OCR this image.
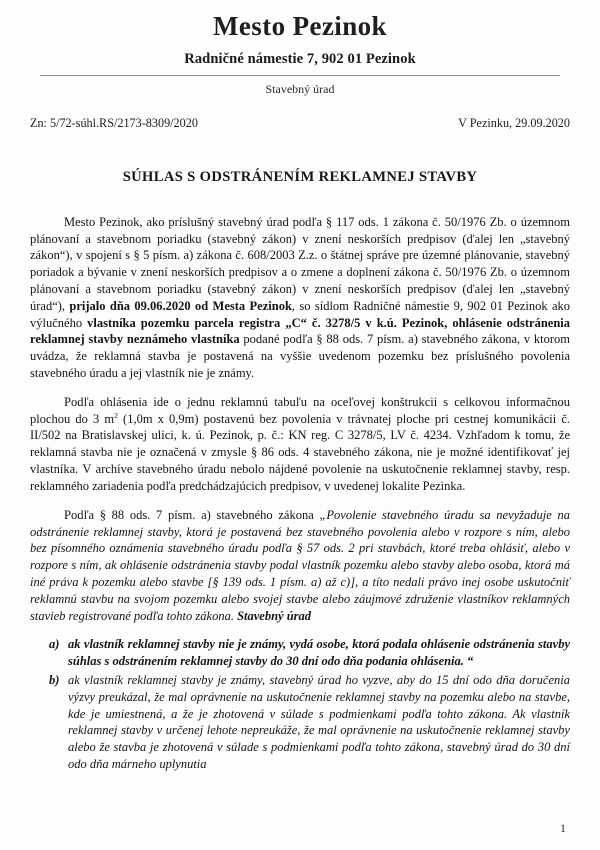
Mesto Pezinok
Radničné námestie 7, 902 01 Pezinok
Stavebný úrad
Zn: 5/72-súhl.RS/2173-8309/2020	V Pezinku, 29.09.2020
SÚHLAS S ODSTRÁNENÍM REKLAMNEJ STAVBY

Mesto Pezinok, ako príslušný stavebný úrad podľa § 117 ods. 1 zákona č. 50/1976 Zb. o územnom plánovaní a stavebnom poriadku (stavebný zákon) v znení neskorších predpisov (ďalej len „stavebný zákon“), v spojení s § 5 písm. a) zákona č. 608/2003 Z.z. o štátnej správe pre územné plánovanie, stavebný poriadok a bývanie v znení neskorších predpisov a o zmene a doplnení zákona č. 50/1976 Zb. o územnom plánovaní a stavebnom poriadku (stavebný zákon) v znení neskorších predpisov (ďalej len „stavebný úrad“), prijalo dňa 09.06.2020 od Mesta Pezinok, so sídlom Radničné námestie 9, 902 01 Pezinok ako výlučného vlastníka pozemku parcela registra „C“ č. 3278/5 v k.ú. Pezinok, ohlásenie odstránenia reklamnej stavby neznámeho vlastníka podané podľa § 88 ods. 7 písm. a) stavebného zákona, v ktorom uvádza, že reklamná stavba je postavená na vyššie uvedenom pozemku bez príslušného povolenia stavebného úradu a jej vlastník nie je známy.

Podľa ohlásenia ide o jednu reklamnú tabuľu na oceľovej konštrukcii s celkovou informačnou plochou do 3 $m^2$ (1,0m x 0,9m) postavenú bez povolenia v trávnatej ploche pri cestnej komunikácii č. II/502 na Bratislavskej ulici, k. ú. Pezinok, p. č.: KN reg. C 3278/5, LV č. 4234. Vzhľadom k tomu, že reklamná stavba nie je označená v zmysle § 86 ods. 4 stavebného zákona, nie je možné identifikovať jej vlastníka. V archíve stavebného úradu nebolo nájdené povolenie na uskutočnenie reklamnej stavby, resp. reklamného zariadenia podľa predchádzajúcich predpisov, v uvedenej lokalite Pezinka.

Podľa § 88 ods. 7 písm. a) stavebného zákona „Povolenie stavebného úradu sa nevyžaduje na odstránenie reklamnej stavby, ktorá je postavená bez stavebného povolenia alebo v rozpore s ním, alebo bez písomného oznámenia stavebného úradu podľa § 57 ods. 2 pri stavbách, ktoré treba ohlásiť, alebo v rozpore s ním, ak ohlásenie odstránenia stavby podal vlastník pozemku alebo stavby alebo osoba, ktorá má iné práva k pozemku alebo stavbe [§ 139 ods. 1 písm. a) až c)], a títo nedali právo inej osobe uskutočniť reklamnú stavbu na svojom pozemku alebo svojej stavbe alebo záujmové združenie vlastníkov reklamných stavieb registrované podľa tohto zákona. Stavebný úrad

a) ak vlastník reklamnej stavby nie je známy, vydá osobe, ktorá podala ohlásenie odstránenia stavby súhlas s odstránením reklamnej stavby do 30 dní odo dňa podania ohlásenia. “
b) ak vlastník reklamnej stavby je známy, stavebný úrad ho vyzve, aby do 15 dní odo dňa doručenia výzvy preukázal, že mal oprávnenie na uskutočnenie reklamnej stavby na pozemku alebo na stavbe, kde je umiestnená, a že je zhotovená v súlade s podmienkami podľa tohto zákona. Ak vlastník reklamnej stavby v určenej lehote nepreukáže, že mal oprávnenie na uskutočnenie reklamnej stavby alebo že stavba je zhotovená v súlade s podmienkami podľa tohto zákona, stavebný úrad do 30 dní odo dňa márneho uplynutia
1
